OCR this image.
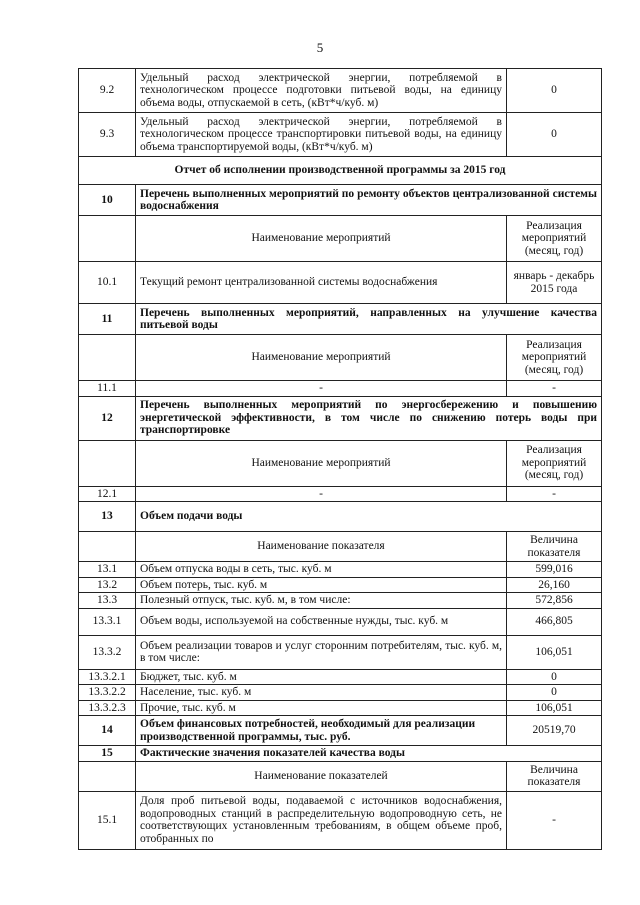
5
9.2	Удельный расход электрической энергии, потребляемой в технологическом процессе подготовки питьевой воды, на единицу объема воды, отпускаемой в сеть, (кВт*ч/куб. м)	0
9.3	Удельный расход электрической энергии, потребляемой в технологическом процессе транспортировки питьевой воды, на единицу объема транспортируемой воды, (кВт*ч/куб. м)	0
Отчет об исполнении производственной программы за 2015 год		
10	Перечень выполненных мероприятий по ремонту объектов централизованной системы водоснабжения	
	Наименование мероприятий	Реализация мероприятий (месяц, год)
10.1	Текущий ремонт централизованной системы водоснабжения	январь - декабрь 2015 года
11	Перечень выполненных мероприятий, направленных на улучшение качества питьевой воды	
	Наименование мероприятий	Реализация мероприятий (месяц, год)
11.1	-	-
12	Перечень выполненных мероприятий по энергосбережению и повышению энергетической эффективности, в том числе по снижению потерь воды при транспортировке	
	Наименование мероприятий	Реализация мероприятий (месяц, год)
12.1	-	-
13	Объем подачи воды	
	Наименование показателя	Величина показателя
13.1	Объем отпуска воды в сеть, тыс. куб. м	599,016
13.2	Объем потерь, тыс. куб. м	26,160
13.3	Полезный отпуск, тыс. куб. м, в том числе:	572,856
13.3.1	Объем воды, используемой на собственные нужды, тыс. куб. м	466,805
13.3.2	Объем реализации товаров и услуг сторонним потребителям, тыс. куб. м, в том числе:	106,051
13.3.2.1	Бюджет, тыс. куб. м	0
13.3.2.2	Население, тыс. куб. м	0
13.3.2.3	Прочие, тыс. куб. м	106,051
14	Объем финансовых потребностей, необходимый для реализации производственной программы, тыс. руб.	20519,70
15	Фактические значения показателей качества воды	
	Наименование показателей	Величина показателя
15.1	Доля проб питьевой воды, подаваемой с источников водоснабжения, водопроводных станций в распределительную водопроводную сеть, не соответствующих установленным требованиям, в общем объеме проб, отобранных по	-
